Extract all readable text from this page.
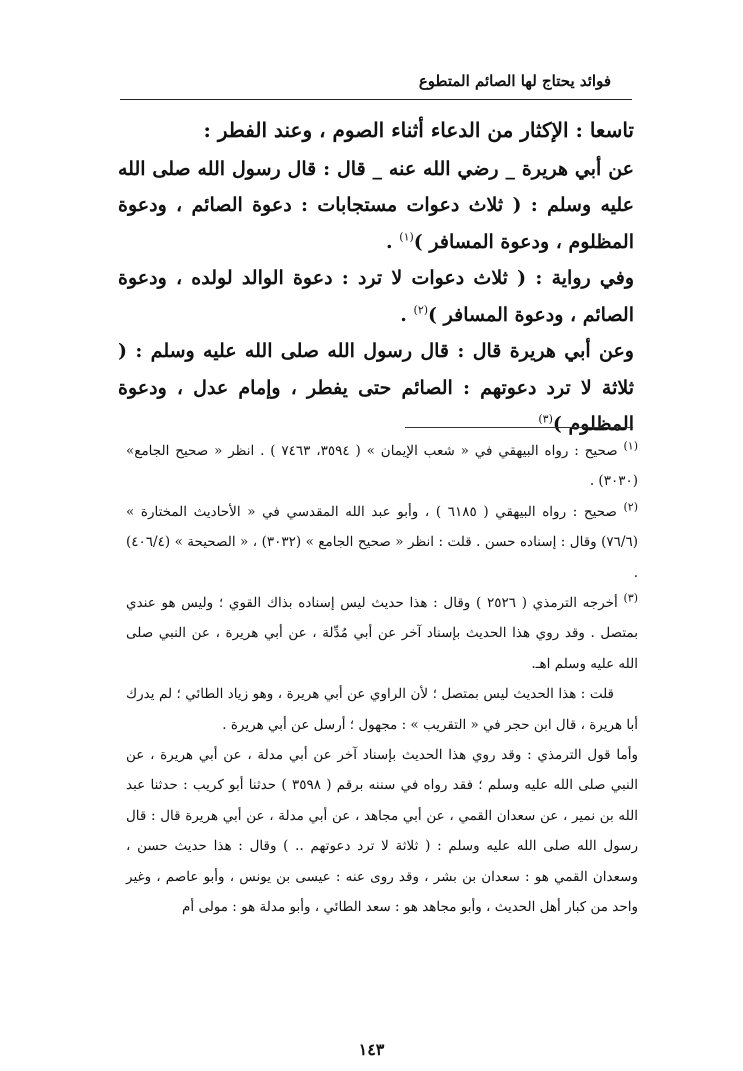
فوائد يحتاج لها الصائم المتطوع

تاسعا : الإكثار من الدعاء أثناء الصوم ، وعند الفطر :

عن أبي هريرة _ رضي الله عنه _ قال : قال رسول الله صلى الله عليه وسلم : ( ثلاث دعوات مستجابات : دعوة الصائم ، ودعوة المظلوم ، ودعوة المسافر )$^{(١)}$ .

وفي رواية : ( ثلاث دعوات لا ترد : دعوة الوالد لولده ، ودعوة الصائم ، ودعوة المسافر )$^{(٢)}$ .

وعن أبي هريرة قال : قال رسول الله صلى الله عليه وسلم : ( ثلاثة لا ترد دعوتهم : الصائم حتى يفطر ، وإمام عدل ، ودعوة المظلوم )$^{(٣)}$

$^{(١)}$ صحيح : رواه البيهقي في « شعب الإيمان » ( ٣٥٩٤، ٧٤٦٣ ) . انظر « صحيح الجامع» (٣٠٣٠) .

$^{(٢)}$ صحيح : رواه البيهقي ( ٦١٨٥ ) ، وأبو عبد الله المقدسي في « الأحاديث المختارة » (٧٦/٦) وقال : إسناده حسن . قلت : انظر « صحيح الجامع » (٣٠٣٢) ، « الصحيحة » (٤٠٦/٤) .

$^{(٣)}$ أخرجه الترمذي ( ٢٥٢٦ ) وقال : هذا حديث ليس إسناده بذاك القوي ؛ وليس هو عندي بمتصل . وقد روي هذا الحديث بإسناد آخر عن أبي مُدِّلة ، عن أبي هريرة ، عن النبي صلى الله عليه وسلم اهـ.

قلت : هذا الحديث ليس بمتصل ؛ لأن الراوي عن أبي هريرة ، وهو زياد الطائي ؛ لم يدرك أبا هريرة ، قال ابن حجر في « التقريب » : مجهول ؛ أرسل عن أبي هريرة .

وأما قول الترمذي : وقد روي هذا الحديث بإسناد آخر عن أبي مدلة ، عن أبي هريرة ، عن النبي صلى الله عليه وسلم ؛ فقد رواه في سننه برقم ( ٣٥٩٨ ) حدثنا أبو كريب : حدثنا عبد الله بن نمير ، عن سعدان القمي ، عن أبي مجاهد ، عن أبي مدلة ، عن أبي هريرة قال : قال رسول الله صلى الله عليه وسلم : ( ثلاثة لا ترد دعوتهم .. ) وقال : هذا حديث حسن ، وسعدان القمي هو : سعدان بن بشر ، وقد روى عنه : عيسى بن يونس ، وأبو عاصم ، وغير واحد من كبار أهل الحديث ، وأبو مجاهد هو : سعد الطائي ، وأبو مدلة هو : مولى أم

١٤٣
